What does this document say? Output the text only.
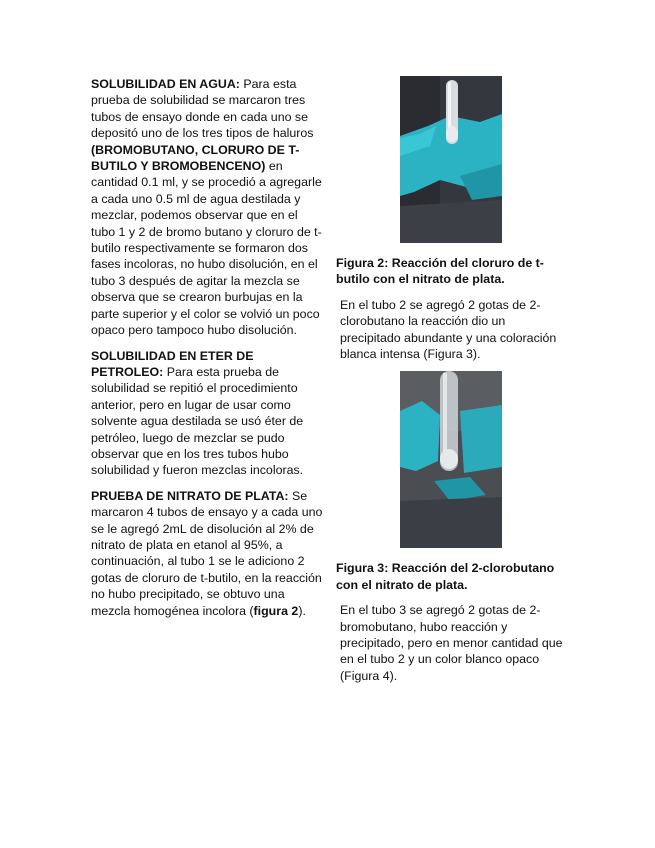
SOLUBILIDAD EN AGUA: Para esta prueba de solubilidad se marcaron tres tubos de ensayo donde en cada uno se depositó uno de los tres tipos de haluros (BROMOBUTANO, CLORURO DE T-BUTILO Y BROMOBENCENO) en cantidad 0.1 ml, y se procedió a agregarle a cada uno 0.5 ml de agua destilada y mezclar, podemos observar que en el tubo 1 y 2 de bromo butano y cloruro de t-butilo respectivamente se formaron dos fases incoloras, no hubo disolución, en el tubo 3 después de agitar la mezcla se observa que se crearon burbujas en la parte superior y el color se volvió un poco opaco pero tampoco hubo disolución.

SOLUBILIDAD EN ETER DE PETROLEO: Para esta prueba de solubilidad se repitió el procedimiento anterior, pero en lugar de usar como solvente agua destilada se usó éter de petróleo, luego de mezclar se pudo observar que en los tres tubos hubo solubilidad y fueron mezclas incoloras.

PRUEBA DE NITRATO DE PLATA: Se marcaron 4 tubos de ensayo y a cada uno se le agregó 2mL de disolución al 2% de nitrato de plata en etanol al 95%, a continuación, al tubo 1 se le adiciono 2 gotas de cloruro de t-butilo, en la reacción no hubo precipitado, se obtuvo una mezcla homogénea incolora (figura 2).

Figura 2: Reacción del cloruro de t-butilo con el nitrato de plata.

En el tubo 2 se agregó 2 gotas de 2-clorobutano la reacción dio un precipitado abundante y una coloración blanca intensa (Figura 3).

Figura 3: Reacción del 2-clorobutano con el nitrato de plata.

En el tubo 3 se agregó 2 gotas de 2-bromobutano, hubo reacción y precipitado, pero en menor cantidad que en el tubo 2 y un color blanco opaco (Figura 4).
